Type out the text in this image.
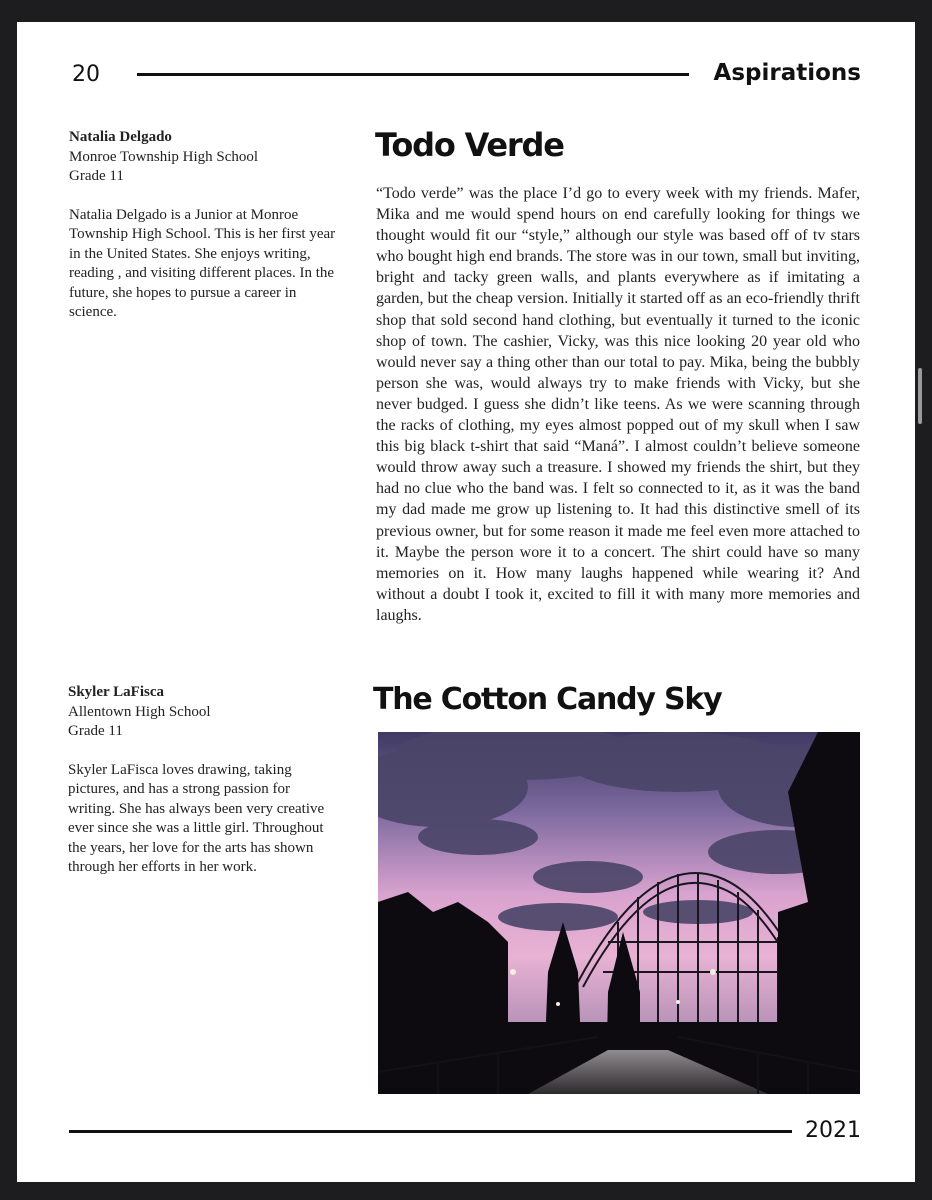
20	Aspirations
Natalia Delgado
Monroe Township High School
Grade 11
Natalia Delgado is a Junior at Monroe Township High School. This is her first year in the United States. She enjoys writing, reading , and visiting different places. In the future, she hopes to pursue a career in science.
Todo Verde
“Todo verde” was the place I’d go to every week with my friends. Mafer, Mika and me would spend hours on end carefully looking for things we thought would fit our “style,” although our style was based off of tv stars who bought high end brands. The store was in our town, small but inviting, bright and tacky green walls, and plants everywhere as if imitating a garden, but the cheap version. Initially it started off as an eco-friendly thrift shop that sold second hand clothing, but eventually it turned to the iconic shop of town. The cashier, Vicky, was this nice looking 20 year old who would never say a thing other than our total to pay. Mika, being the bubbly person she was, would always try to make friends with Vicky, but she never budged. I guess she didn’t like teens. As we were scanning through the racks of clothing, my eyes almost popped out of my skull when I saw this big black t-shirt that said “Maná”. I almost couldn’t believe someone would throw away such a treasure. I showed my friends the shirt, but they had no clue who the band was. I felt so connected to it, as it was the band my dad made me grow up listening to. It had this distinctive smell of its previous owner, but for some reason it made me feel even more attached to it. Maybe the person wore it to a concert. The shirt could have so many memories on it. How many laughs happened while wearing it? And without a doubt I took it, excited to fill it with many more memories and laughs.
Skyler LaFisca
Allentown High School
Grade 11
Skyler LaFisca loves drawing, taking pictures, and has a strong passion for writing. She has always been very creative ever since she was a little girl. Throughout the years, her love for the arts has shown through her efforts in her work.
The Cotton Candy Sky
2021
